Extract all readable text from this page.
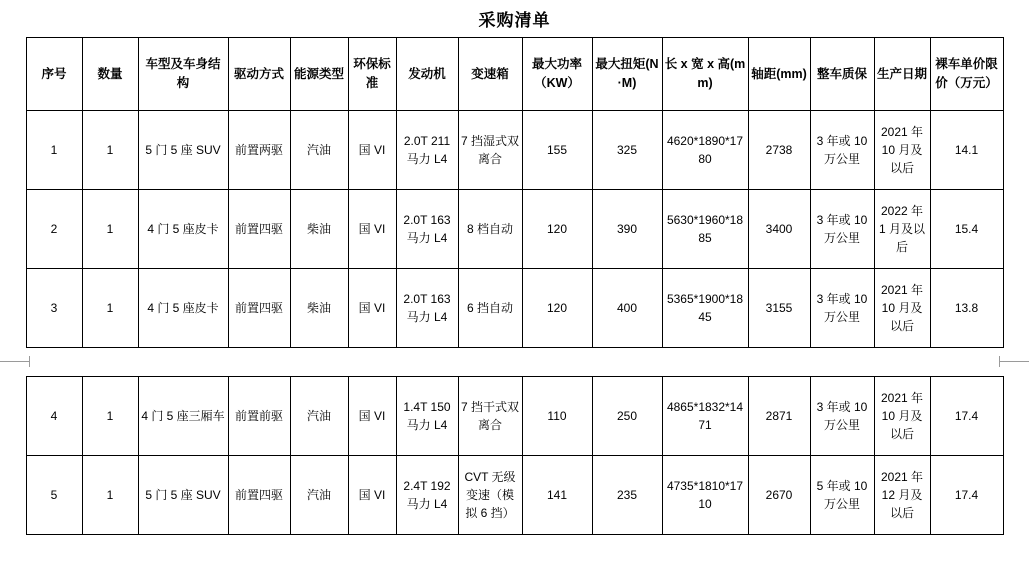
采购清单
序号	数量	车型及车身结构	驱动方式	能源类型	环保标准	发动机	变速箱	最大功率（KW）	最大扭矩(N·M)	长 x 宽 x 高(mm)	轴距(mm)	整车质保	生产日期	裸车单价限价（万元）
1	1	5 门 5 座 SUV	前置两驱	汽油	国 VI	2.0T 211 马力 L4	7 挡湿式双离合	155	325	4620*1890*1780	2738	3 年或 10 万公里	2021 年 10 月及以后	14.1
2	1	4 门 5 座皮卡	前置四驱	柴油	国 VI	2.0T 163 马力 L4	8 档自动	120	390	5630*1960*1885	3400	3 年或 10 万公里	2022 年 1 月及以后	15.4
3	1	4 门 5 座皮卡	前置四驱	柴油	国 VI	2.0T 163 马力 L4	6 挡自动	120	400	5365*1900*1845	3155	3 年或 10 万公里	2021 年 10 月及以后	13.8
4	1	4 门 5 座三厢车	前置前驱	汽油	国 VI	1.4T 150 马力 L4	7 挡干式双离合	110	250	4865*1832*1471	2871	3 年或 10 万公里	2021 年 10 月及以后	17.4
5	1	5 门 5 座 SUV	前置四驱	汽油	国 VI	2.4T 192 马力 L4	CVT 无级变速（模拟 6 挡）	141	235	4735*1810*1710	2670	5 年或 10 万公里	2021 年 12 月及以后	17.4
